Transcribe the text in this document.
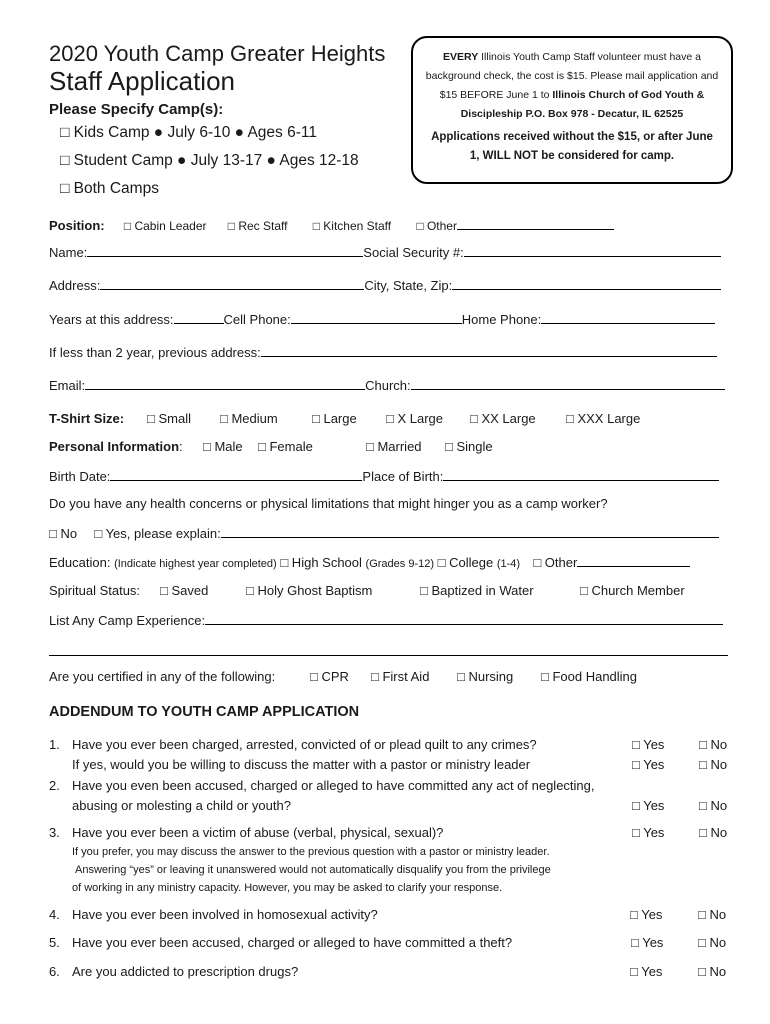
2020 Youth Camp Greater Heights
Staff Application
Please Specify Camp(s):
□ Kids Camp ● July 6-10 ● Ages 6-11
□ Student Camp ● July 13-17 ● Ages 12-18
□ Both Camps

EVERY Illinois Youth Camp Staff volunteer must have a background check, the cost is $15. Please mail application and $15 BEFORE June 1 to Illinois Church of God Youth & Discipleship P.O. Box 978 - Decatur, IL 62525

Applications received without the $15, or after June 1, WILL NOT be considered for camp.

Position: □ Cabin Leader □ Rec Staff □ Kitchen Staff □ Other
Name:	Social Security #:
Address:	City, State, Zip:
Years at this address:	Cell Phone:	Home Phone:
If less than 2 year, previous address:
Email:	Church:
T-Shirt Size: □ Small □ Medium	□ Large □ X Large □ XX Large □ XXX Large
Personal Information: □ Male □ Female	□ Married □ Single
Birth Date:	Place of Birth:
Do you have any health concerns or physical limitations that might hinger you as a camp worker?
□ No □ Yes, please explain:
Education: (Indicate highest year completed) □ High School (Grades 9-12) □ College (1-4) □ Other
Spiritual Status: □ Saved	□ Holy Ghost Baptism	□ Baptized in Water	□ Church Member
List Any Camp Experience:
Are you certified in any of the following:	□ CPR □ First Aid □ Nursing □ Food Handling
ADDENDUM TO YOUTH CAMP APPLICATION
1. Have you ever been charged, arrested, convicted of or plead quilt to any crimes?	□ Yes	□ No
If yes, would you be willing to discuss the matter with a pastor or ministry leader	□ Yes	□ No
2. Have you even been accused, charged or alleged to have committed any act of neglecting,
abusing or molesting a child or youth?	□ Yes	□ No
3. Have you ever been a victim of abuse (verbal, physical, sexual)?	□ Yes	□ No
If you prefer, you may discuss the answer to the previous question with a pastor or ministry leader.
Answering “yes” or leaving it unanswered would not automatically disqualify you from the privilege
of working in any ministry capacity. However, you may be asked to clarify your response.
4. Have you ever been involved in homosexual activity?	□ Yes	□ No
5. Have you ever been accused, charged or alleged to have committed a theft?	□ Yes	□ No
6. Are you addicted to prescription drugs?	□ Yes	□ No
